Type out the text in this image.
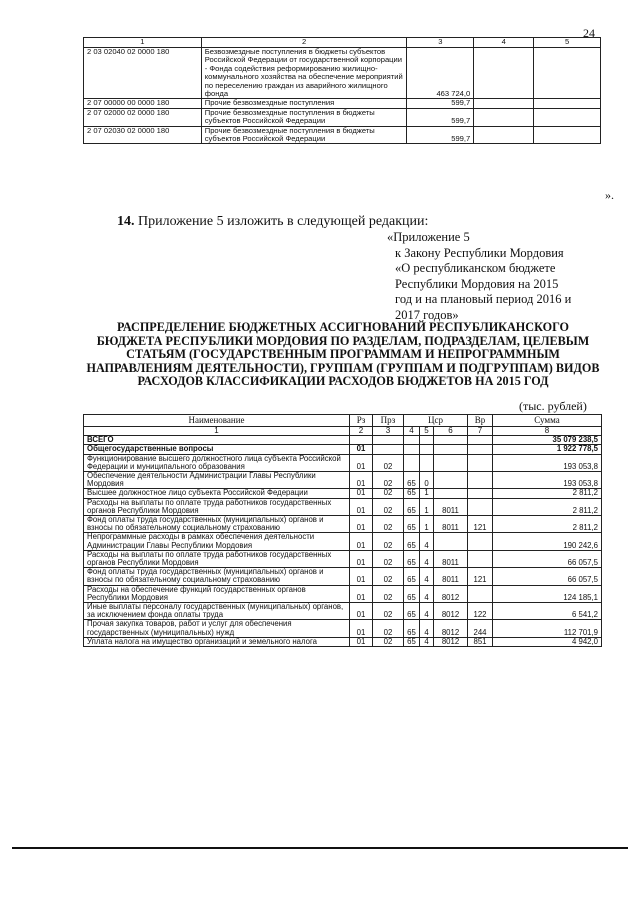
24
1	2	3	4	5
2 03 02040 02 0000 180	Безвозмездные поступления в бюджеты субъектов Российской Федерации от государственной корпорации - Фонда содействия реформированию жилищно-коммунального хозяйства на обеспечение мероприятий по переселению граждан из аварийного жилищного фонда	463 724,0		
2 07 00000 00 0000 180	Прочие безвозмездные поступления	599,7		
2 07 02000 02 0000 180	Прочие безвозмездные поступления в бюджеты субъектов Российской Федерации	599,7		
2 07 02030 02 0000 180	Прочие безвозмездные поступления в бюджеты субъектов Российской Федерации	599,7		
».
14. Приложение 5 изложить в следующей редакции:
«Приложение 5
к Закону Республики Мордовия
«О республиканском бюджете
Республики Мордовия на 2015
год и на плановый период 2016 и
2017 годов»
РАСПРЕДЕЛЕНИЕ БЮДЖЕТНЫХ АССИГНОВАНИЙ РЕСПУБЛИКАНСКОГО БЮДЖЕТА РЕСПУБЛИКИ МОРДОВИЯ ПО РАЗДЕЛАМ, ПОДРАЗДЕЛАМ, ЦЕЛЕВЫМ СТАТЬЯМ (ГОСУДАРСТВЕННЫМ ПРОГРАММАМ И НЕПРОГРАММНЫМ НАПРАВЛЕНИЯМ ДЕЯТЕЛЬНОСТИ), ГРУППАМ (ГРУППАМ И ПОДГРУППАМ) ВИДОВ РАСХОДОВ КЛАССИФИКАЦИИ РАСХОДОВ БЮДЖЕТОВ НА 2015 ГОД
(тыс. рублей)
Наименование	Рз	Прз	Цср			Вр	Сумма
1	2	3	4	5	6	7	8
ВСЕГО							35 079 238,5
Общегосударственные вопросы	01						1 922 778,5
Функционирование высшего должностного лица субъекта Российской Федерации и муниципального образования	01	02					193 053,8
Обеспечение деятельности Администрации Главы Республики Мордовия	01	02	65	0			193 053,8
Высшее должностное лицо субъекта Российской Федерации	01	02	65	1			2 811,2
Расходы на выплаты по оплате труда работников государственных органов Республики Мордовия	01	02	65	1	8011		2 811,2
Фонд оплаты труда государственных (муниципальных) органов и взносы по обязательному социальному страхованию	01	02	65	1	8011	121	2 811,2
Непрограммные расходы в рамках обеспечения деятельности Администрации Главы Республики Мордовия	01	02	65	4			190 242,6
Расходы на выплаты по оплате труда работников государственных органов Республики Мордовия	01	02	65	4	8011		66 057,5
Фонд оплаты труда государственных (муниципальных) органов и взносы по обязательному социальному страхованию	01	02	65	4	8011	121	66 057,5
Расходы на обеспечение функций государственных органов Республики Мордовия	01	02	65	4	8012		124 185,1
Иные выплаты персоналу государственных (муниципальных) органов, за исключением фонда оплаты труда	01	02	65	4	8012	122	6 541,2
Прочая закупка товаров, работ и услуг для обеспечения государственных (муниципальных) нужд	01	02	65	4	8012	244	112 701,9
Уплата налога на имущество организаций и земельного налога	01	02	65	4	8012	851	4 942,0
